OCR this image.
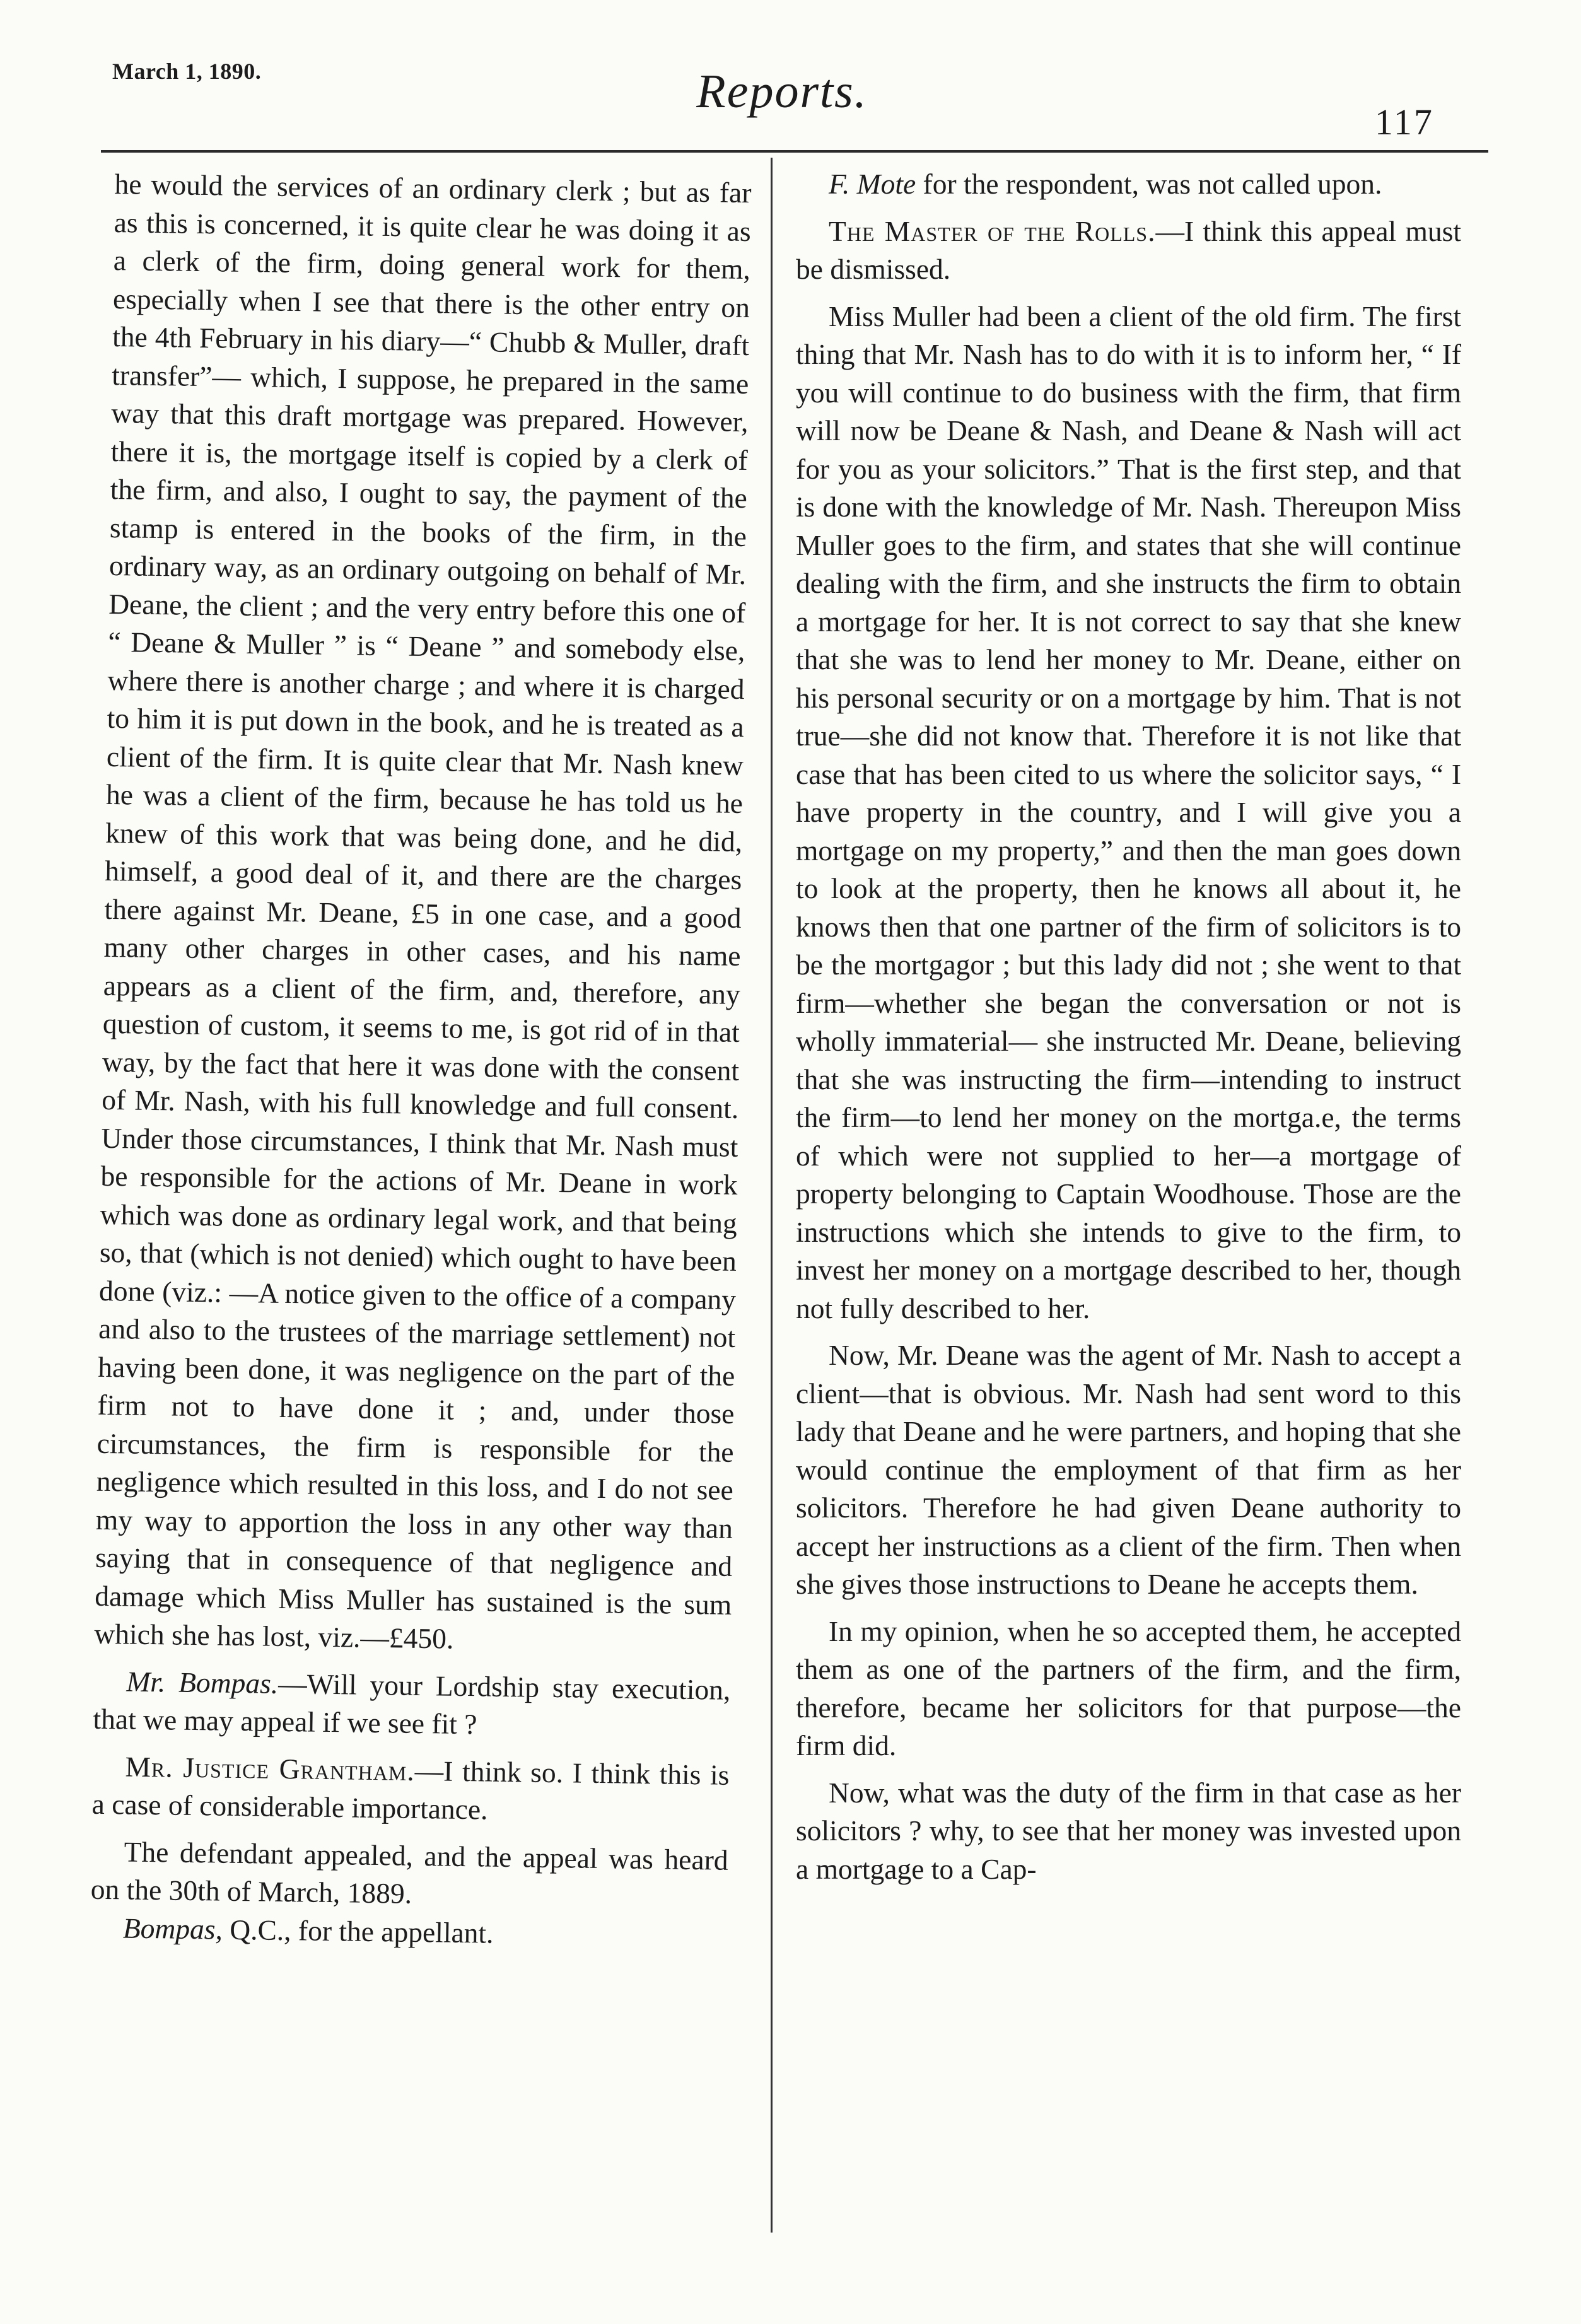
March 1, 1890.	Reports.
117

he would the services of an ordinary clerk ; but as far as this is concerned, it is quite clear he was doing it as a clerk of the firm, doing general work for them, especially when I see that there is the other entry on the 4th February in his diary—“ Chubb & Muller, draft transfer”— which, I suppose, he prepared in the same way that this draft mortgage was prepared. However, there it is, the mortgage itself is copied by a clerk of the firm, and also, I ought to say, the payment of the stamp is entered in the books of the firm, in the ordinary way, as an ordinary outgoing on behalf of Mr. Deane, the client ; and the very entry before this one of “ Deane & Muller ” is “ Deane ” and somebody else, where there is another charge ; and where it is charged to him it is put down in the book, and he is treated as a client of the firm. It is quite clear that Mr. Nash knew he was a client of the firm, because he has told us he knew of this work that was being done, and he did, himself, a good deal of it, and there are the charges there against Mr. Deane, £5 in one case, and a good many other charges in other cases, and his name appears as a client of the firm, and, therefore, any question of custom, it seems to me, is got rid of in that way, by the fact that here it was done with the consent of Mr. Nash, with his full knowledge and full consent. Under those circumstances, I think that Mr. Nash must be responsible for the actions of Mr. Deane in work which was done as ordinary legal work, and that being so, that (which is not denied) which ought to have been done (viz.: —A notice given to the office of a company and also to the trustees of the marriage settlement) not having been done, it was negligence on the part of the firm not to have done it ; and, under those circumstances, the firm is responsible for the negligence which resulted in this loss, and I do not see my way to apportion the loss in any other way than saying that in consequence of that negligence and damage which Miss Muller has sustained is the sum which she has lost, viz.—£450.

Mr. Bompas.—Will your Lordship stay execution, that we may appeal if we see fit ?

Mr. Justice Grantham.—I think so. I think this is a case of considerable importance.

The defendant appealed, and the appeal was heard on the 30th of March, 1889.

Bompas, Q.C., for the appellant.

F. Mote for the respondent, was not called upon.

The Master of the Rolls.—I think this appeal must be dismissed.

Miss Muller had been a client of the old firm. The first thing that Mr. Nash has to do with it is to inform her, “ If you will continue to do business with the firm, that firm will now be Deane & Nash, and Deane & Nash will act for you as your solicitors.” That is the first step, and that is done with the knowledge of Mr. Nash. Thereupon Miss Muller goes to the firm, and states that she will continue dealing with the firm, and she instructs the firm to obtain a mortgage for her. It is not correct to say that she knew that she was to lend her money to Mr. Deane, either on his personal security or on a mortgage by him. That is not true—she did not know that. Therefore it is not like that case that has been cited to us where the solicitor says, “ I have property in the country, and I will give you a mortgage on my property,” and then the man goes down to look at the property, then he knows all about it, he knows then that one partner of the firm of solicitors is to be the mortgagor ; but this lady did not ; she went to that firm—whether she began the conversation or not is wholly immaterial— she instructed Mr. Deane, believing that she was instructing the firm—intending to instruct the firm—to lend her money on the mortga.e, the terms of which were not supplied to her—a mortgage of property belonging to Captain Woodhouse. Those are the instructions which she intends to give to the firm, to invest her money on a mortgage described to her, though not fully described to her.

Now, Mr. Deane was the agent of Mr. Nash to accept a client—that is obvious. Mr. Nash had sent word to this lady that Deane and he were partners, and hoping that she would continue the employment of that firm as her solicitors. Therefore he had given Deane authority to accept her instructions as a client of the firm. Then when she gives those instructions to Deane he accepts them.

In my opinion, when he so accepted them, he accepted them as one of the partners of the firm, and the firm, therefore, became her solicitors for that purpose—the firm did.

Now, what was the duty of the firm in that case as her solicitors ? why, to see that her money was invested upon a mortgage to a Cap-
